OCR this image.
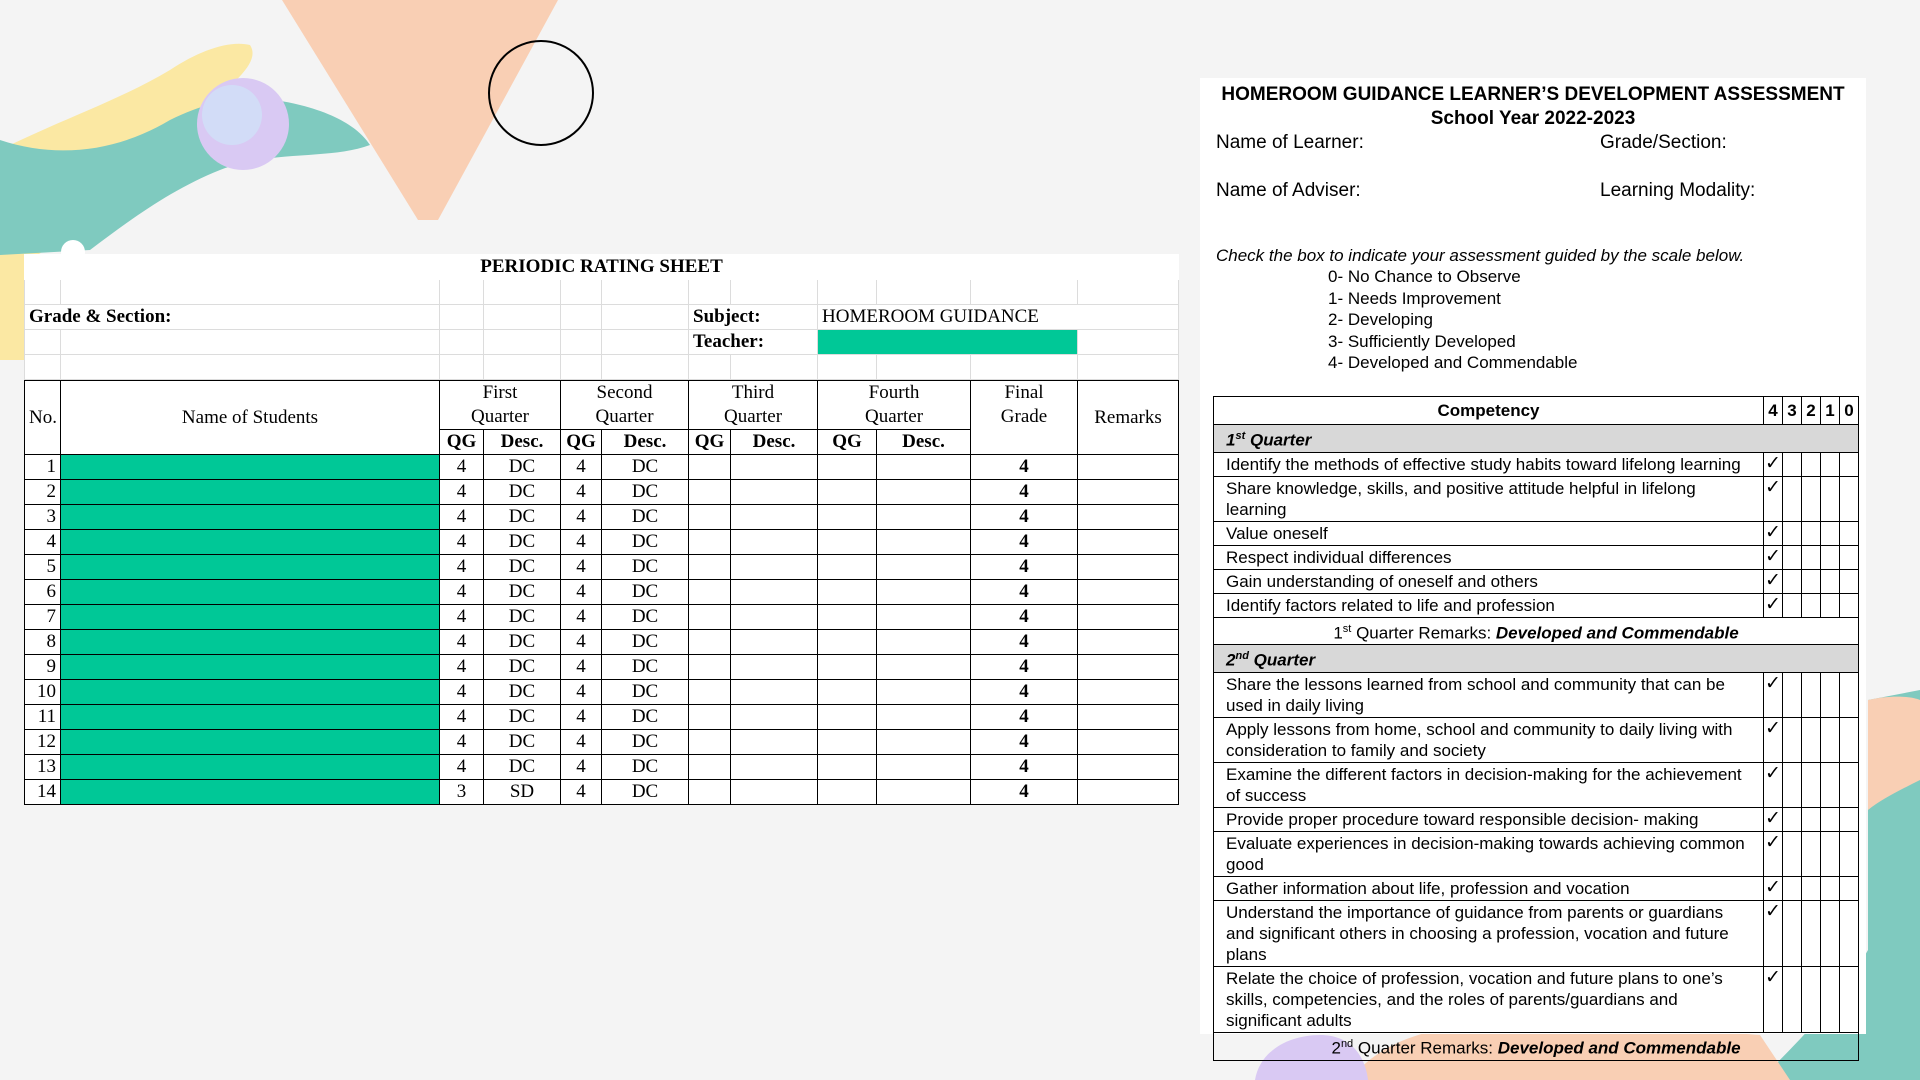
PERIODIC RATING SHEET											

Grade & Section:						Subject:		HOMEROOM GUIDANCE			
						Teacher:					

No.	Name of Students	First		Second		Third		Fourth		Final	Remarks
		Quarter		Quarter		Quarter		Quarter		Grade	
		QG	Desc.	QG	Desc.	QG	Desc.	QG	Desc.		
1		4	DC	4	DC					4	
2		4	DC	4	DC					4	
3		4	DC	4	DC					4	
4		4	DC	4	DC					4	
5		4	DC	4	DC					4	
6		4	DC	4	DC					4	
7		4	DC	4	DC					4	
8		4	DC	4	DC					4	
9		4	DC	4	DC					4	
10		4	DC	4	DC					4	
11		4	DC	4	DC					4	
12		4	DC	4	DC					4	
13		4	DC	4	DC					4	
14		3	SD	4	DC					4	
HOMEROOM GUIDANCE LEARNER’S DEVELOPMENT ASSESSMENT
School Year 2022-2023
Name of Learner:	Grade/Section:
Name of Adviser:	Learning Modality:
Check the box to indicate your assessment guided by the scale below.
0- No Chance to Observe
1- Needs Improvement
2- Developing
3- Sufficiently Developed
4- Developed and Commendable
Competency	4	3	2	1	0
1st Quarter					
Identify the methods of effective study habits toward lifelong learning	✓				
Share knowledge, skills, and positive attitude helpful in lifelong learning	✓				
Value oneself	✓				
Respect individual differences	✓				
Gain understanding of oneself and others	✓				
Identify factors related to life and profession	✓				
1st Quarter Remarks: Developed and Commendable					
2nd Quarter					
Share the lessons learned from school and community that can be used in daily living	✓				
Apply lessons from home, school and community to daily living with consideration to family and society	✓				
Examine the different factors in decision-making for the achievement of success	✓				
Provide proper procedure toward responsible decision- making	✓				
Evaluate experiences in decision-making towards achieving common good	✓				
Gather information about life, profession and vocation	✓				
Understand the importance of guidance from parents or guardians and significant others in choosing a profession, vocation and future plans	✓				
Relate the choice of profession, vocation and future plans to one’s skills, competencies, and the roles of parents/guardians and significant adults	✓				
2nd Quarter Remarks: Developed and Commendable					
